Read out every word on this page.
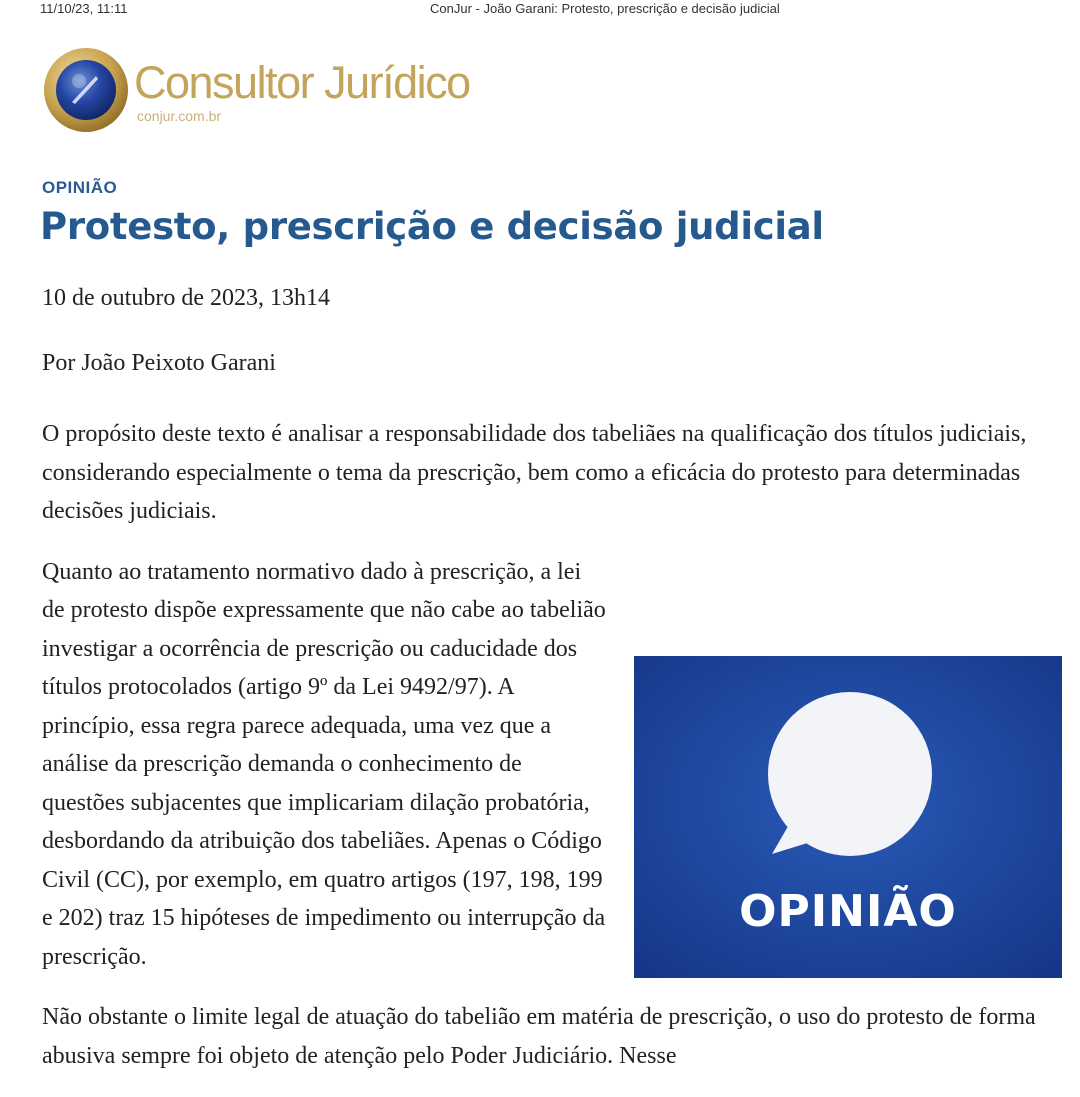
11/10/23, 11:11	ConJur - João Garani: Protesto, prescrição e decisão judicial
Consultor Jurídico
conjur.com.br
OPINIÃO
Protesto, prescrição e decisão judicial
10 de outubro de 2023, 13h14
Por João Peixoto Garani

O propósito deste texto é analisar a responsabilidade dos tabeliães na qualificação dos títulos judiciais, considerando especialmente o tema da prescrição, bem como a eficácia do protesto para determinadas decisões judiciais.

OPINIÃO

Quanto ao tratamento normativo dado à prescrição, a lei de protesto dispõe expressamente que não cabe ao tabelião investigar a ocorrência de prescrição ou caducidade dos títulos protocolados (artigo 9º da Lei 9492/97). A princípio, essa regra parece adequada, uma vez que a análise da prescrição demanda o conhecimento de questões subjacentes que implicariam dilação probatória, desbordando da atribuição dos tabeliães. Apenas o Código Civil (CC), por exemplo, em quatro artigos (197, 198, 199 e 202) traz 15 hipóteses de impedimento ou interrupção da prescrição.

Não obstante o limite legal de atuação do tabelião em matéria de prescrição, o uso do protesto de forma abusiva sempre foi objeto de atenção pelo Poder Judiciário. Nesse
